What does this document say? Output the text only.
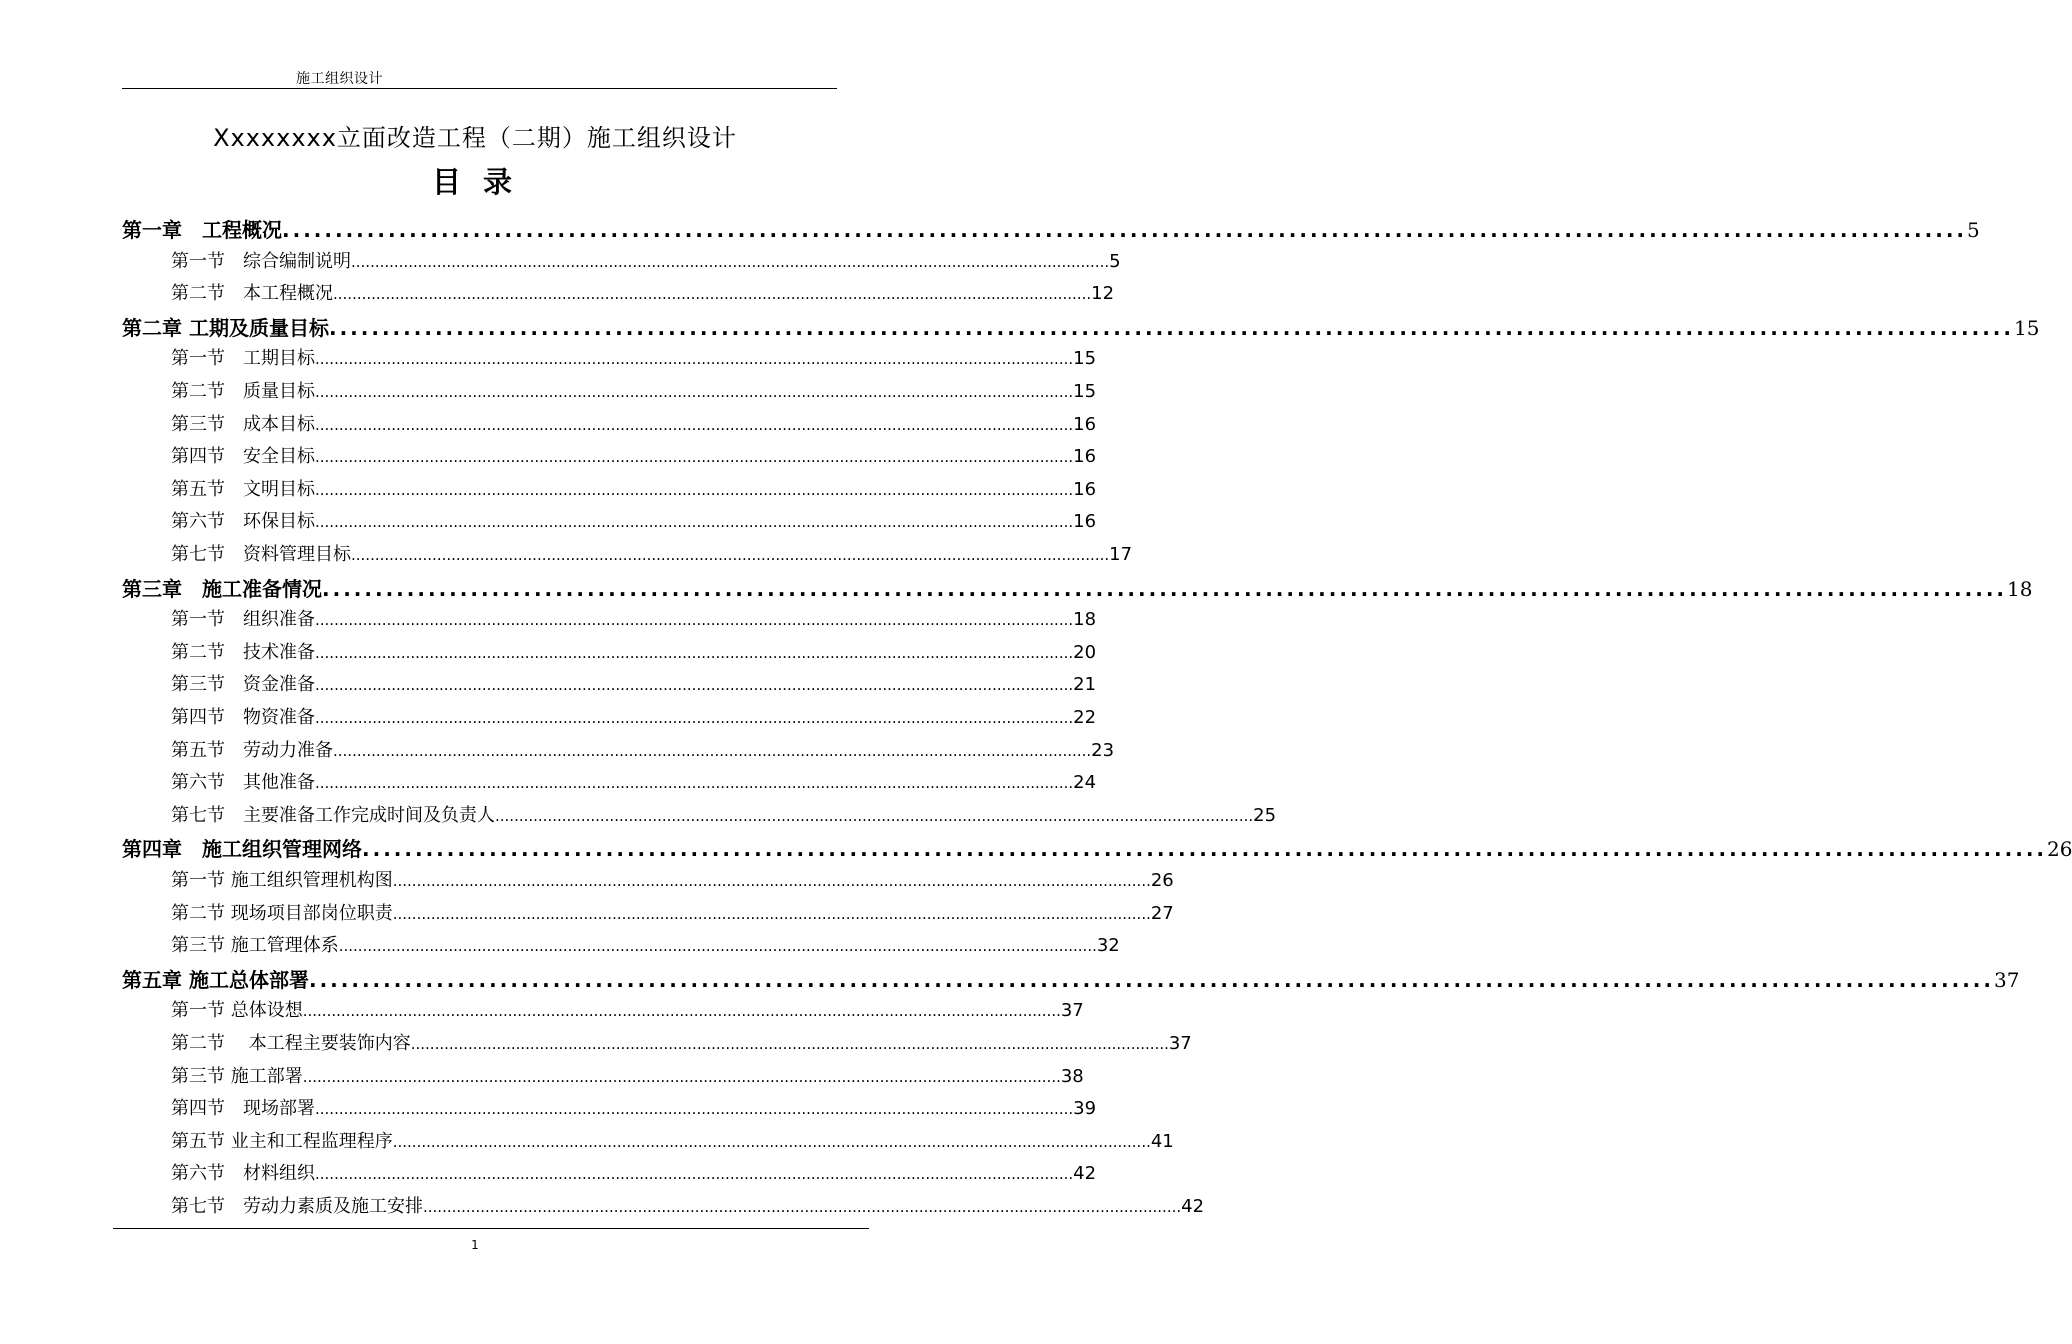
施工组织设计
Xxxxxxxx立面改造工程（二期）施工组织设计
目 录
第一章　工程概况 ............................................................................................................................................................... 5
第一节　综合编制说明 ............................................................................................................................................................... 5
第二节　本工程概况 ............................................................................................................................................................... 12
第二章 工期及质量目标 ............................................................................................................................................................... 15
第一节　工期目标 ............................................................................................................................................................... 15
第二节　质量目标 ............................................................................................................................................................... 15
第三节　成本目标 ............................................................................................................................................................... 16
第四节　安全目标 ............................................................................................................................................................... 16
第五节　文明目标 ............................................................................................................................................................... 16
第六节　环保目标 ............................................................................................................................................................... 16
第七节　资料管理目标 ............................................................................................................................................................... 17
第三章　施工准备情况 ............................................................................................................................................................... 18
第一节　组织准备 ............................................................................................................................................................... 18
第二节　技术准备 ............................................................................................................................................................... 20
第三节　资金准备 ............................................................................................................................................................... 21
第四节　物资准备 ............................................................................................................................................................... 22
第五节　劳动力准备 ............................................................................................................................................................... 23
第六节　其他准备 ............................................................................................................................................................... 24
第七节　主要准备工作完成时间及负责人 ............................................................................................................................................................... 25
第四章　施工组织管理网络 ............................................................................................................................................................... 26
第一节 施工组织管理机构图 ............................................................................................................................................................... 26
第二节 现场项目部岗位职责 ............................................................................................................................................................... 27
第三节 施工管理体系 ............................................................................................................................................................... 32
第五章 施工总体部署 ............................................................................................................................................................... 37
第一节 总体设想 ............................................................................................................................................................... 37
第二节　 本工程主要装饰内容 ............................................................................................................................................................... 37
第三节 施工部署 ............................................................................................................................................................... 38
第四节　现场部署 ............................................................................................................................................................... 39
第五节 业主和工程监理程序 ............................................................................................................................................................... 41
第六节　材料组织 ............................................................................................................................................................... 42
第七节　劳动力素质及施工安排 ............................................................................................................................................................... 42
1
